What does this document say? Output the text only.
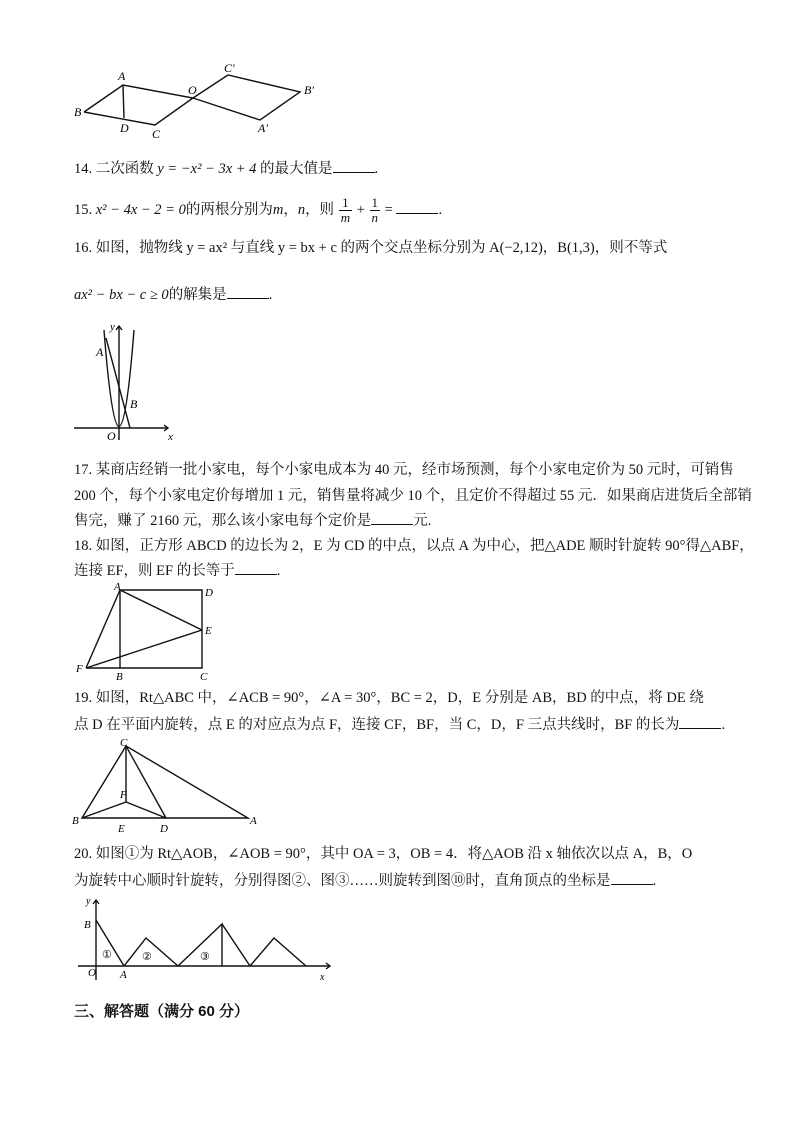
B
A
D C
O
C′
B′
A′
14. 二次函数 y = −x² − 3x + 4 的最大值是	.
15. x² − 4x − 2 = 0的两根分别为m，n，则 $\frac{1}{m} + \frac{1}{n}$ =	.
16. 如图，抛物线 y = ax² 与直线 y = bx + c 的两个交点坐标分别为 A(−2,12)，B(1,3)，则不等式
ax² − bx − c ≥ 0的解集是	.
y
x
A
B
O
17. 某商店经销一批小家电，每个小家电成本为 40 元，经市场预测，每个小家电定价为 50 元时，可销售
200 个，每个小家电定价每增加 1 元，销售量将减少 10 个，且定价不得超过 55 元．如果商店进货后全部销
售完，赚了 2160 元，那么该小家电每个定价是	元.
18. 如图，正方形 ABCD 的边长为 2，E 为 CD 的中点，以点 A 为中心，把△ADE 顺时针旋转 90°得△ABF，
连接 EF，则 EF 的长等于	.
A	D
E
F
B	C
19. 如图，Rt△ABC 中，∠ACB = 90°，∠A = 30°，BC = 2，D，E 分别是 AB，BD 的中点，将 DE 绕
点 D 在平面内旋转，点 E 的对应点为点 F，连接 CF，BF，当 C，D，F 三点共线时，BF 的长为	.
C
F
B
E	D
A
20. 如图①为 Rt△AOB，∠AOB = 90°，其中 OA = 3，OB = 4．将△AOB 沿 x 轴依次以点 A，B，O
为旋转中心顺时针旋转，分别得图②、图③……则旋转到图⑩时，直角顶点的坐标是	.
B
O A
y
x
①	②	③
三、解答题（满分 60 分）
